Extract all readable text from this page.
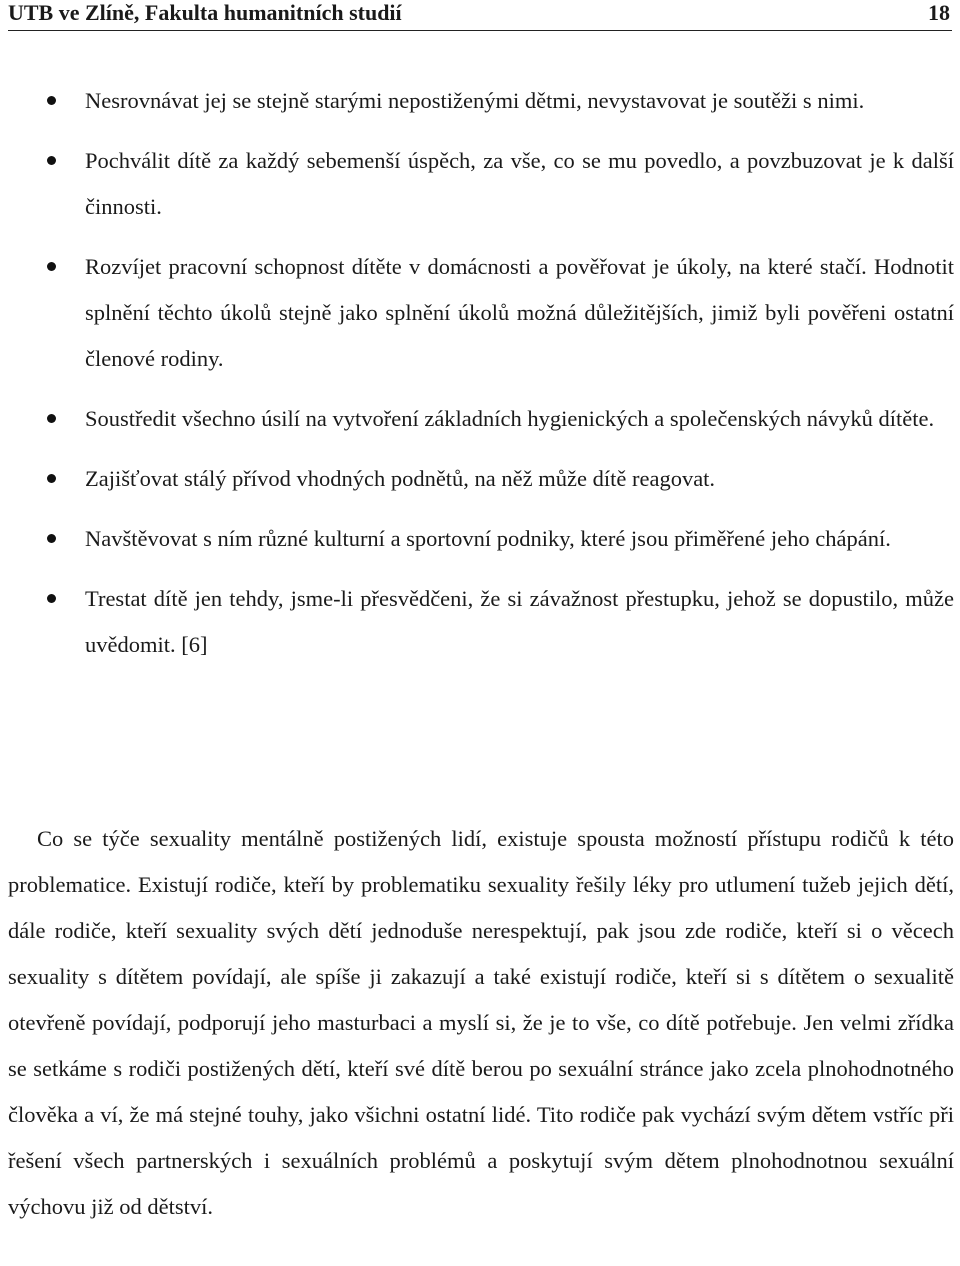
UTB ve Zlíně, Fakulta humanitních studií	18
Nesrovnávat jej se stejně starými nepostiženými dětmi, nevystavovat je soutěži s nimi.
Pochválit dítě za každý sebemenší úspěch, za vše, co se mu povedlo, a povzbuzovat je k další činnosti.
Rozvíjet pracovní schopnost dítěte v domácnosti a pověřovat je úkoly, na které stačí. Hodnotit splnění těchto úkolů stejně jako splnění úkolů možná důležitějších, jimiž byli pověřeni ostatní členové rodiny.
Soustředit všechno úsilí na vytvoření základních hygienických a společenských návyků dítěte.
Zajišťovat stálý přívod vhodných podnětů, na něž může dítě reagovat.
Navštěvovat s ním různé kulturní a sportovní podniky, které jsou přiměřené jeho chápání.
Trestat dítě jen tehdy, jsme-li přesvědčeni, že si závažnost přestupku, jehož se dopustilo, může uvědomit. [6]

Co se týče sexuality mentálně postižených lidí, existuje spousta možností přístupu rodičů k této problematice. Existují rodiče, kteří by problematiku sexuality řešily léky pro utlumení tužeb jejich dětí, dále rodiče, kteří sexuality svých dětí jednoduše nerespektují, pak jsou zde rodiče, kteří si o věcech sexuality s dítětem povídají, ale spíše ji zakazují a také existují rodiče, kteří si s dítětem o sexualitě otevřeně povídají, podporují jeho masturbaci a myslí si, že je to vše, co dítě potřebuje. Jen velmi zřídka se setkáme s rodiči postižených dětí, kteří své dítě berou po sexuální stránce jako zcela plnohodnotného člověka a ví, že má stejné touhy, jako všichni ostatní lidé. Tito rodiče pak vychází svým dětem vstříc při řešení všech partnerských i sexuálních problémů a poskytují svým dětem plnohodnotnou sexuální výchovu již od dětství.
